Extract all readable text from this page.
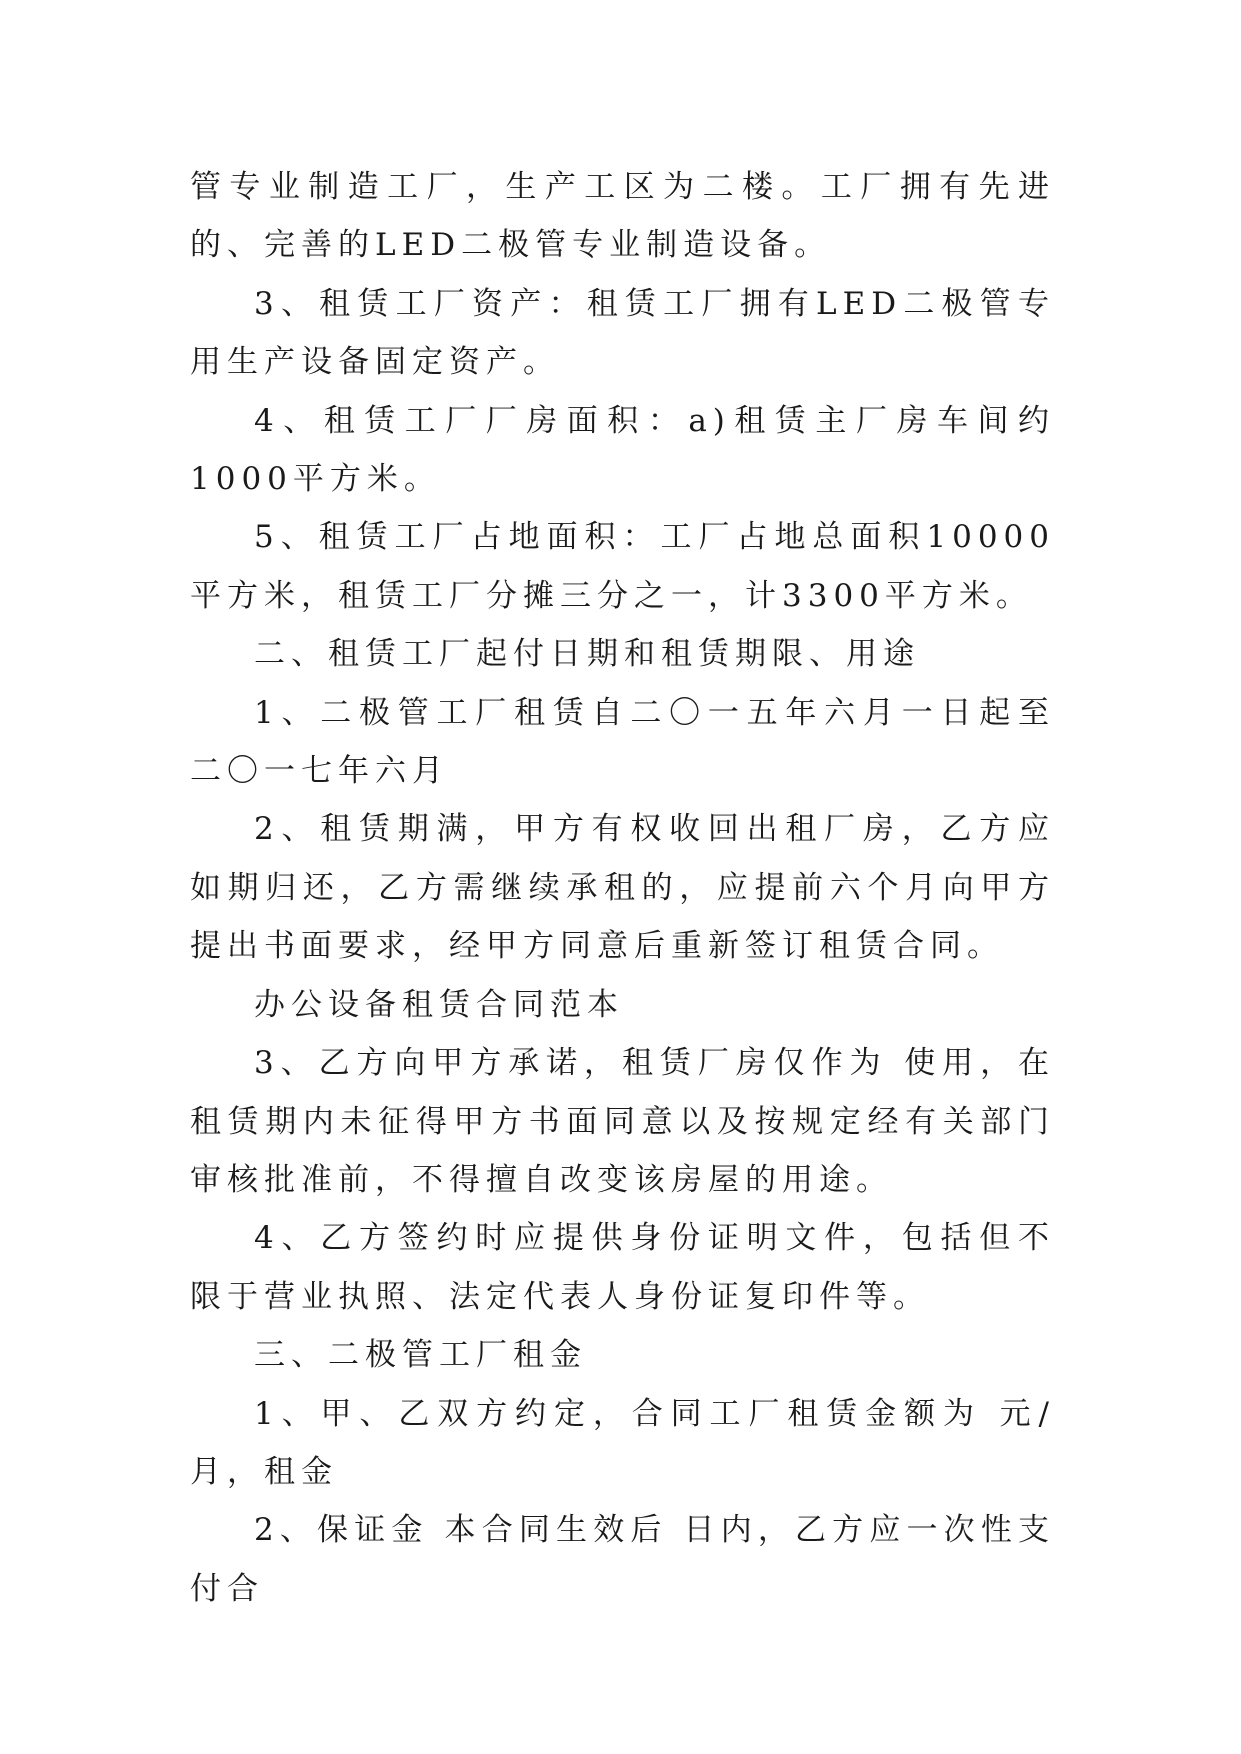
管专业制造工厂，生产工区为二楼。工厂拥有先进的、完善的LED二极管专业制造设备。

3、租赁工厂资产：租赁工厂拥有LED二极管专用生产设备固定资产。

4、租赁工厂厂房面积：a)租赁主厂房车间约1000平方米。

5、租赁工厂占地面积：工厂占地总面积10000平方米，租赁工厂分摊三分之一，计3300平方米。

二、租赁工厂起付日期和租赁期限、用途

1、二极管工厂租赁自二〇一五年六月一日起至二〇一七年六月

2、租赁期满，甲方有权收回出租厂房，乙方应如期归还，乙方需继续承租的，应提前六个月向甲方提出书面要求，经甲方同意后重新签订租赁合同。

办公设备租赁合同范本

3、乙方向甲方承诺，租赁厂房仅作为 使用，在租赁期内未征得甲方书面同意以及按规定经有关部门审核批准前，不得擅自改变该房屋的用途。

4、乙方签约时应提供身份证明文件，包括但不限于营业执照、法定代表人身份证复印件等。

三、二极管工厂租金

1、甲、乙双方约定，合同工厂租赁金额为 元/月，租金

2、保证金 本合同生效后 日内，乙方应一次性支付合
